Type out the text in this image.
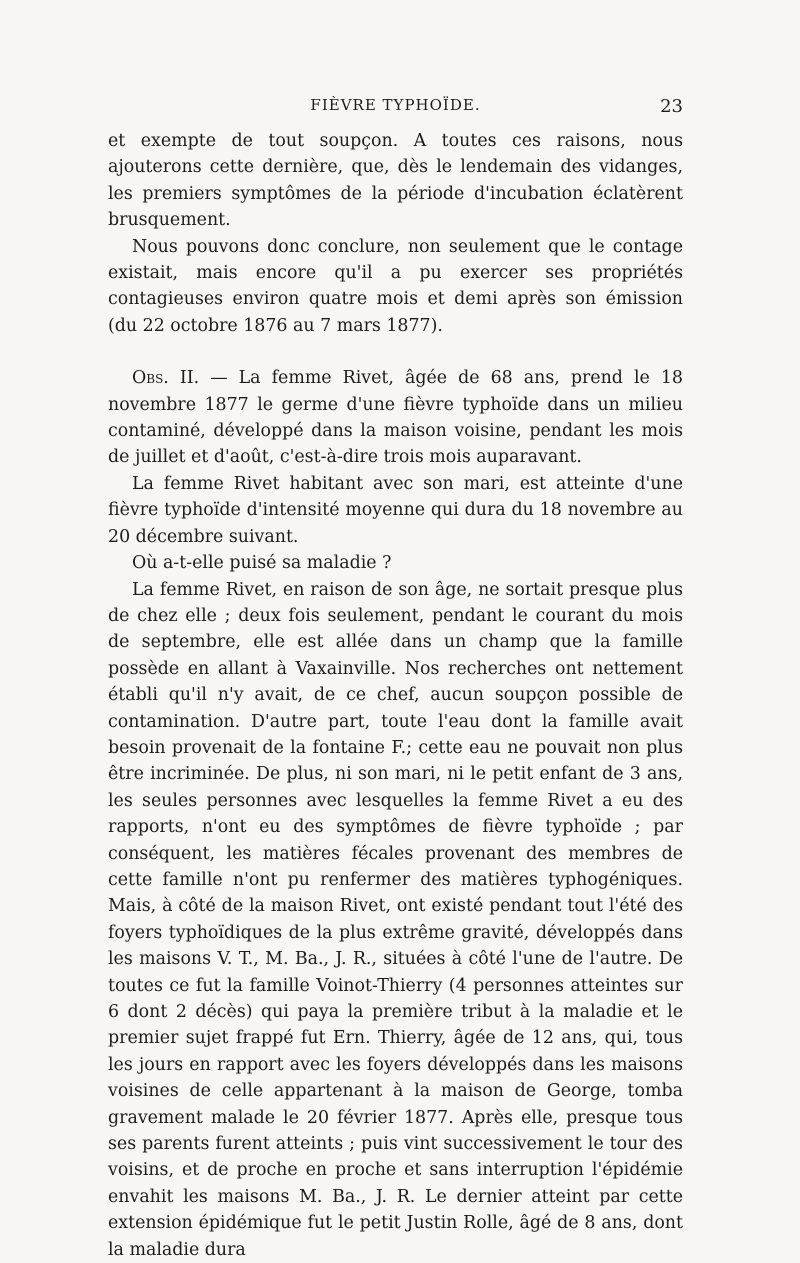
FIÈVRE TYPHOÏDE.	23

et exempte de tout soupçon. A toutes ces raisons, nous ajouterons cette dernière, que, dès le lendemain des vidanges, les premiers symptômes de la période d'incubation éclatèrent brusquement.

Nous pouvons donc conclure, non seulement que le contage existait, mais encore qu'il a pu exercer ses propriétés contagieuses environ quatre mois et demi après son émission (du 22 octobre 1876 au 7 mars 1877).

Obs. II. — La femme Rivet, âgée de 68 ans, prend le 18 novembre 1877 le germe d'une fièvre typhoïde dans un milieu contaminé, développé dans la maison voisine, pendant les mois de juillet et d'août, c'est-à-dire trois mois auparavant.

La femme Rivet habitant avec son mari, est atteinte d'une fièvre typhoïde d'intensité moyenne qui dura du 18 novembre au 20 décembre suivant.

Où a-t-elle puisé sa maladie ?

La femme Rivet, en raison de son âge, ne sortait presque plus de chez elle ; deux fois seulement, pendant le courant du mois de septembre, elle est allée dans un champ que la famille possède en allant à Vaxainville. Nos recherches ont nettement établi qu'il n'y avait, de ce chef, aucun soupçon possible de contamination. D'autre part, toute l'eau dont la famille avait besoin provenait de la fontaine F.; cette eau ne pouvait non plus être incriminée. De plus, ni son mari, ni le petit enfant de 3 ans, les seules personnes avec lesquelles la femme Rivet a eu des rapports, n'ont eu des symptômes de fièvre typhoïde ; par conséquent, les matières fécales provenant des membres de cette famille n'ont pu renfermer des matières typhogéniques. Mais, à côté de la maison Rivet, ont existé pendant tout l'été des foyers typhoïdiques de la plus extrême gravité, développés dans les maisons V. T., M. Ba., J. R., situées à côté l'une de l'autre. De toutes ce fut la famille Voinot-Thierry (4 personnes atteintes sur 6 dont 2 décès) qui paya la première tribut à la maladie et le premier sujet frappé fut Ern. Thierry, âgée de 12 ans, qui, tous les jours en rapport avec les foyers développés dans les maisons voisines de celle appartenant à la maison de George, tomba gravement malade le 20 février 1877. Après elle, presque tous ses parents furent atteints ; puis vint successivement le tour des voisins, et de proche en proche et sans interruption l'épidémie envahit les maisons M. Ba., J. R. Le dernier atteint par cette extension épidémique fut le petit Justin Rolle, âgé de 8 ans, dont la maladie dura
